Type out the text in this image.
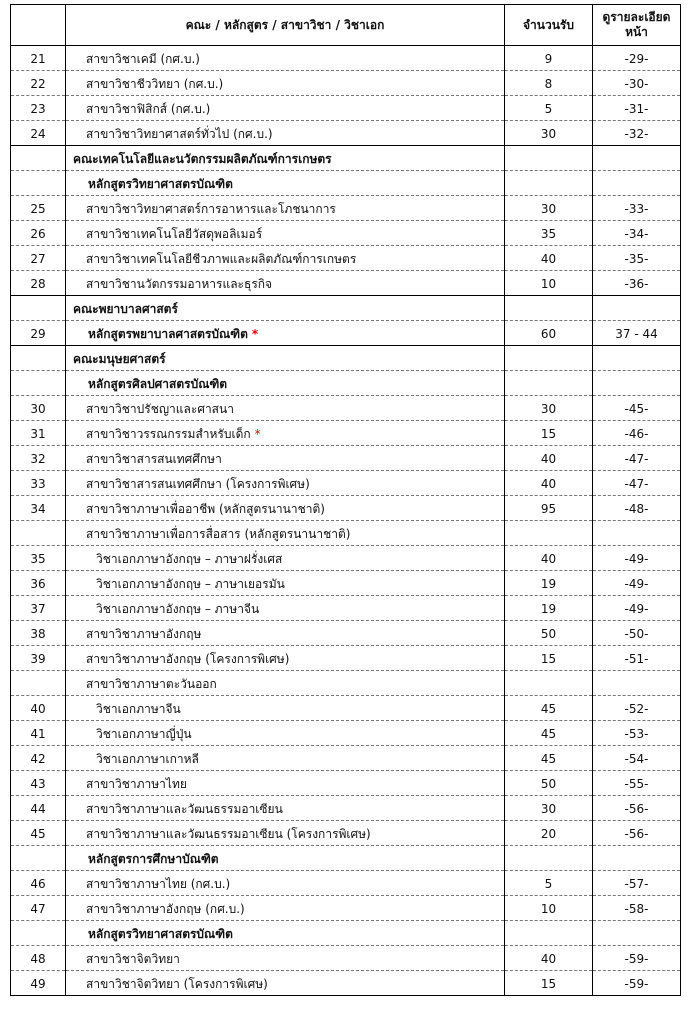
	คณะ / หลักสูตร / สาขาวิชา / วิชาเอก	จำนวนรับ	ดูรายละเอียด
หน้า
21	สาขาวิชาเคมี (กศ.บ.)	9	-29-
22	สาขาวิชาชีววิทยา (กศ.บ.)	8	-30-
23	สาขาวิชาฟิสิกส์ (กศ.บ.)	5	-31-
24	สาขาวิชาวิทยาศาสตร์ทั่วไป (กศ.บ.)	30	-32-
	คณะเทคโนโลยีและนวัตกรรมผลิตภัณฑ์การเกษตร		
	หลักสูตรวิทยาศาสตรบัณฑิต		
25	สาขาวิชาวิทยาศาสตร์การอาหารและโภชนาการ	30	-33-
26	สาขาวิชาเทคโนโลยีวัสดุพอลิเมอร์	35	-34-
27	สาขาวิชาเทคโนโลยีชีวภาพและผลิตภัณฑ์การเกษตร	40	-35-
28	สาขาวิชานวัตกรรมอาหารและธุรกิจ	10	-36-
	คณะพยาบาลศาสตร์		
29	หลักสูตรพยาบาลศาสตรบัณฑิต *	60	37 - 44
	คณะมนุษยศาสตร์		
	หลักสูตรศิลปศาสตรบัณฑิต		
30	สาขาวิชาปรัชญาและศาสนา	30	-45-
31	สาขาวิชาวรรณกรรมสำหรับเด็ก *	15	-46-
32	สาขาวิชาสารสนเทศศึกษา	40	-47-
33	สาขาวิชาสารสนเทศศึกษา (โครงการพิเศษ)	40	-47-
34	สาขาวิชาภาษาเพื่ออาชีพ (หลักสูตรนานาชาติ)	95	-48-
	สาขาวิชาภาษาเพื่อการสื่อสาร (หลักสูตรนานาชาติ)		
35	วิชาเอกภาษาอังกฤษ – ภาษาฝรั่งเศส	40	-49-
36	วิชาเอกภาษาอังกฤษ – ภาษาเยอรมัน	19	-49-
37	วิชาเอกภาษาอังกฤษ – ภาษาจีน	19	-49-
38	สาขาวิชาภาษาอังกฤษ	50	-50-
39	สาขาวิชาภาษาอังกฤษ (โครงการพิเศษ)	15	-51-
	สาขาวิชาภาษาตะวันออก		
40	วิชาเอกภาษาจีน	45	-52-
41	วิชาเอกภาษาญี่ปุ่น	45	-53-
42	วิชาเอกภาษาเกาหลี	45	-54-
43	สาขาวิชาภาษาไทย	50	-55-
44	สาขาวิชาภาษาและวัฒนธรรมอาเซียน	30	-56-
45	สาขาวิชาภาษาและวัฒนธรรมอาเซียน (โครงการพิเศษ)	20	-56-
	หลักสูตรการศึกษาบัณฑิต		
46	สาขาวิชาภาษาไทย (กศ.บ.)	5	-57-
47	สาขาวิชาภาษาอังกฤษ (กศ.บ.)	10	-58-
	หลักสูตรวิทยาศาสตรบัณฑิต		
48	สาขาวิชาจิตวิทยา	40	-59-
49	สาขาวิชาจิตวิทยา (โครงการพิเศษ)	15	-59-
